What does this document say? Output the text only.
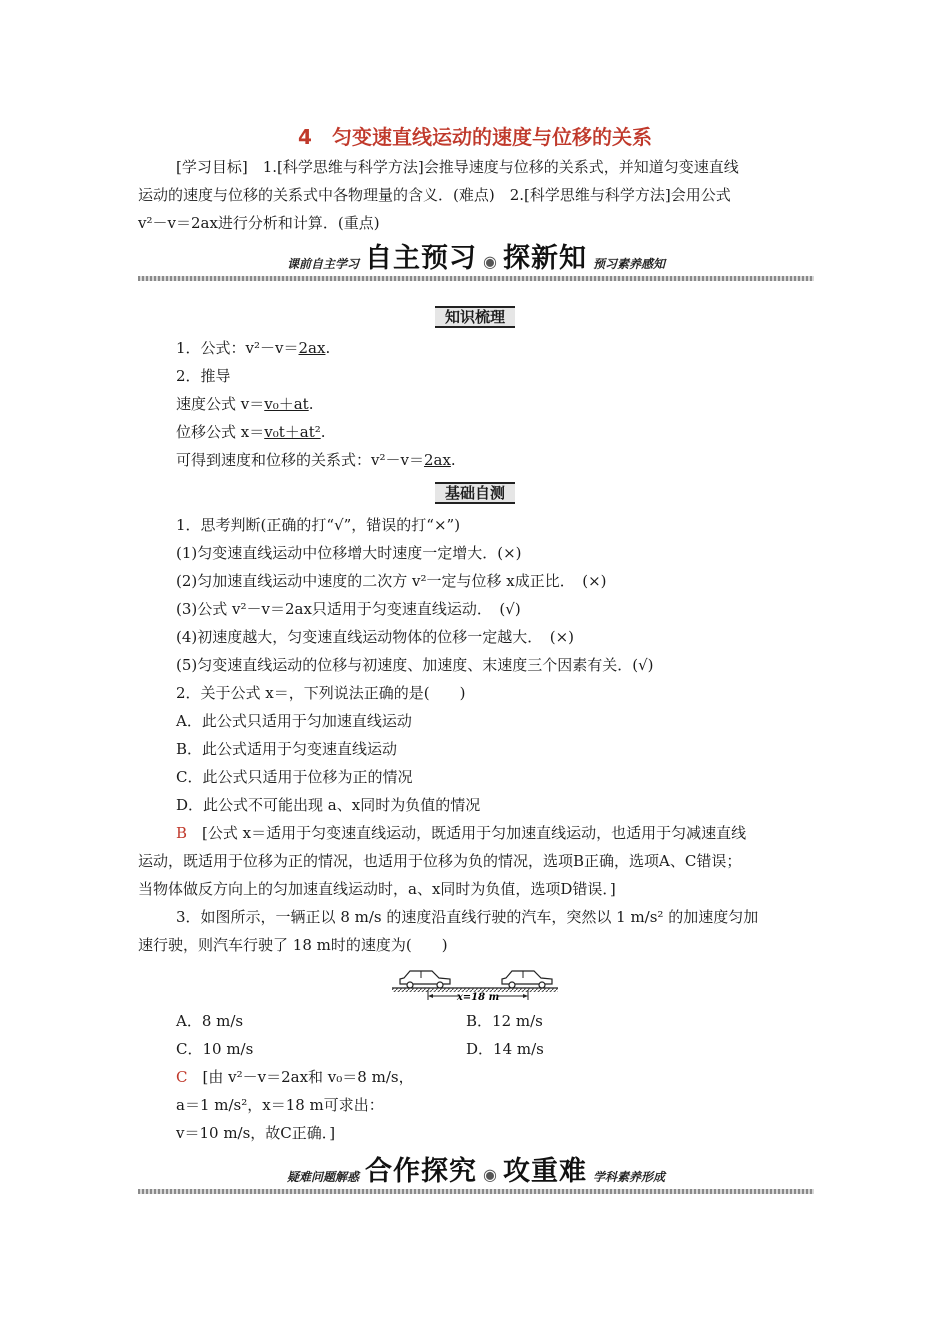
4　匀变速直线运动的速度与位移的关系
[学习目标]　1.[科学思维与科学方法]会推导速度与位移的关系式，并知道匀变速直线
运动的速度与位移的关系式中各物理量的含义．(难点)　2.[科学思维与科学方法]会用公式
v²－v＝2ax进行分析和计算．(重点)
课前自主学习 自主预习 ◉ 探新知 预习素养感知
知识梳理
1．公式：v²－v＝2ax.
2．推导
速度公式 v＝v₀＋at.
位移公式 x＝v₀t＋at².
可得到速度和位移的关系式：v²－v＝2ax.
基础自测
1．思考判断(正确的打“√”，错误的打“×”)
(1)匀变速直线运动中位移增大时速度一定增大．(×)
(2)匀加速直线运动中速度的二次方 v²一定与位移 x成正比．　(×)
(3)公式 v²－v＝2ax只适用于匀变速直线运动．　(√)
(4)初速度越大，匀变速直线运动物体的位移一定越大．　(×)
(5)匀变速直线运动的位移与初速度、加速度、末速度三个因素有关．(√)
2．关于公式 x＝，下列说法正确的是(　　)
A．此公式只适用于匀加速直线运动
B．此公式适用于匀变速直线运动
C．此公式只适用于位移为正的情况
D．此公式不可能出现 a、x同时为负值的情况
B　 [公式 x＝适用于匀变速直线运动，既适用于匀加速直线运动，也适用于匀减速直线
运动，既适用于位移为正的情况，也适用于位移为负的情况，选项B正确，选项A、C错误；
当物体做反方向上的匀加速直线运动时，a、x同时为负值，选项D错误．]
3．如图所示，一辆正以 8 m/s 的速度沿直线行驶的汽车，突然以 1 m/s² 的加速度匀加
速行驶，则汽车行驶了 18 m时的速度为(　　)
x=18 m
A．8 m/s	B．12 m/s
C．10 m/s	D．14 m/s
C　 [由 v²－v＝2ax和 v₀＝8 m/s，
a＝1 m/s²，x＝18 m可求出：
v＝10 m/s，故C正确．]
疑难问题解惑 合作探究 ◉ 攻重难 学科素养形成
